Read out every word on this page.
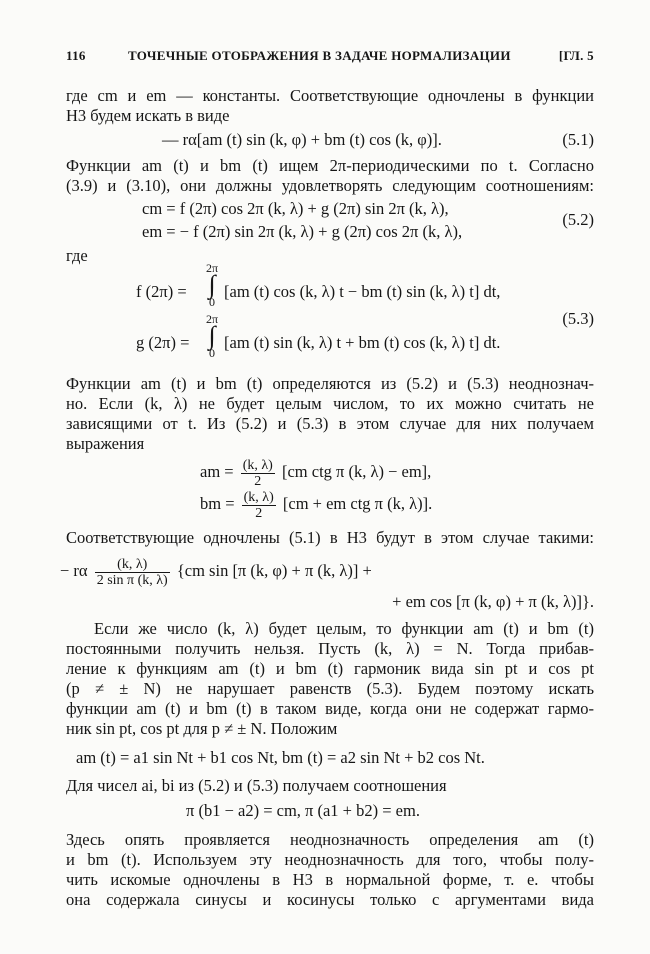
116	ТОЧЕЧНЫЕ ОТОБРАЖЕНИЯ В ЗАДАЧЕ НОРМАЛИЗАЦИИ	[ГЛ. 5
где cm и em — константы. Соответствующие одночлены в функции
H3 будем искать в виде
— rα[am (t) sin (k, φ) + bm (t) cos (k, φ)].	(5.1)
Функции am (t) и bm (t) ищем 2π-периодическими по t. Согласно
(3.9) и (3.10), они должны удовлетворять следующим соотношениям:
cm = f (2π) cos 2π (k, λ) + g (2π) sin 2π (k, λ),
em = − f (2π) sin 2π (k, λ) + g (2π) cos 2π (k, λ),
(5.2)
где
f (2π) = [am (t) cos (k, λ) t − bm (t) sin (k, λ) t] dt,
2π
∫
0
(5.3)
g (2π) = [am (t) sin (k, λ) t + bm (t) cos (k, λ) t] dt.
2π
∫
0
Функции am (t) и bm (t) определяются из (5.2) и (5.3) неоднознач-
но. Если (k, λ) не будет целым числом, то их можно считать не
зависящими от t. Из (5.2) и (5.3) в этом случае для них получаем
выражения
am = $\frac{(k, \lambda)}{2} [cm$ ctg π (k, λ) − em],
bm = $\frac{(k, \lambda)}{2} [cm$ + em ctg π (k, λ)].
Соответствующие одночлены (5.1) в H3 будут в этом случае такими:
− rα $\frac{(k, \lambda)}{\text{2 sin π (k, λ)}} \{cm$ sin [π (k, φ) + π (k, λ)] +
+ em cos [π (k, φ) + π (k, λ)]}.
Если же число (k, λ) будет целым, то функции am (t) и bm (t)
постоянными получить нельзя. Пусть (k, λ) = N. Тогда прибав-
ление к функциям am (t) и bm (t) гармоник вида sin pt и cos pt
(p ≠ ± N) не нарушает равенств (5.3). Будем поэтому искать
функции am (t) и bm (t) в таком виде, когда они не содержат гармо-
ник sin pt, cos pt для p ≠ ± N. Положим
am (t) = a1 sin Nt + b1 cos Nt, bm (t) = a2 sin Nt + b2 cos Nt.
Для чисел ai, bi из (5.2) и (5.3) получаем соотношения
π (b1 − a2) = cm, π (a1 + b2) = em.
Здесь опять проявляется неоднозначность определения am (t)
и bm (t). Используем эту неоднозначность для того, чтобы полу-
чить искомые одночлены в H3 в нормальной форме, т. е. чтобы
она содержала синусы и косинусы только с аргументами вида
